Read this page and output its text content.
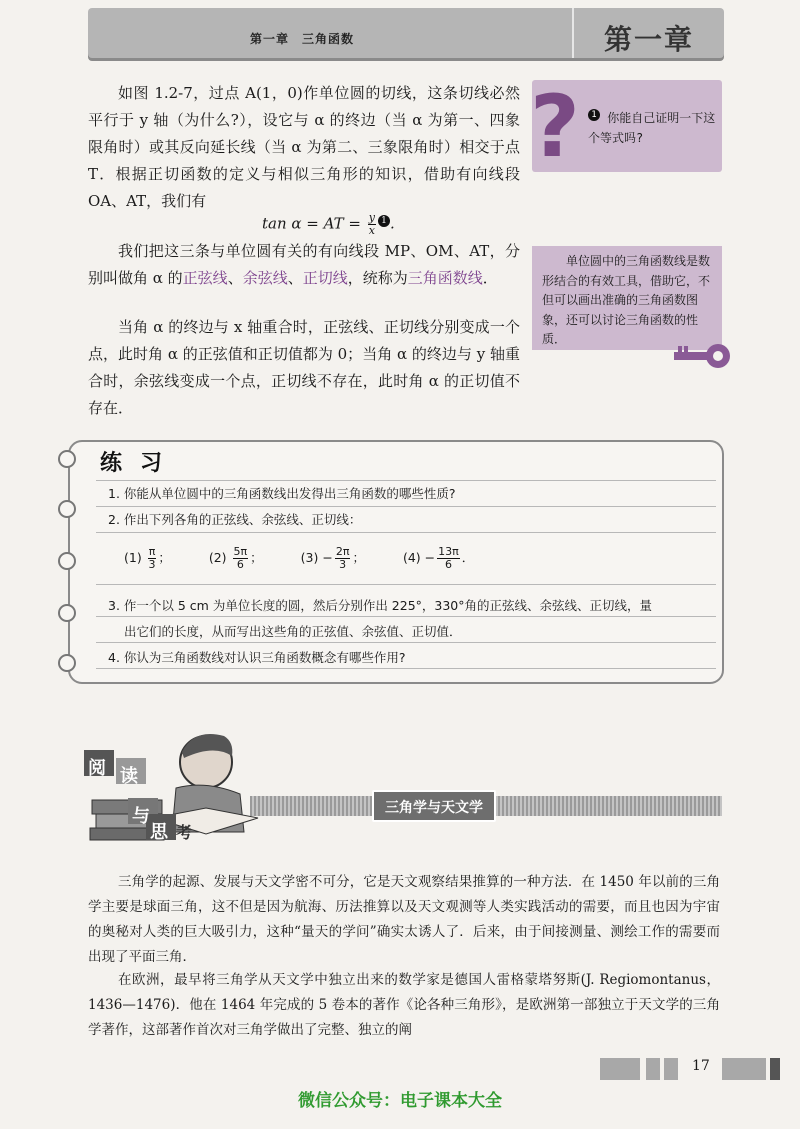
第一章　三角函数	第一章
如图 1.2-7，过点 A(1，0)作单位圆的切线，这条切线必然平行于 y 轴（为什么?），设它与 α 的终边（当 α 为第一、四象限角时）或其反向延长线（当 α 为第二、三象限角时）相交于点 T．根据正切函数的定义与相似三角形的知识，借助有向线段 OA、AT，我们有
tan α = AT = $\frac{y}{x} 1$ .
我们把这三条与单位圆有关的有向线段 MP、OM、AT，分别叫做角 α 的正弦线、余弦线、正切线，统称为三角函数线．
当角 α 的终边与 x 轴重合时，正弦线、正切线分别变成一个点，此时角 α 的正弦值和正切值都为 0；当角 α 的终边与 y 轴重合时，余弦线变成一个点，正切线不存在，此时角 α 的正切值不存在．
?	1 你能自己证明一下这个等式吗?
单位圆中的三角函数线是数形结合的有效工具，借助它，不但可以画出准确的三角函数图象，还可以讨论三角函数的性质．
练习
1. 你能从单位圆中的三角函数线出发得出三角函数的哪些性质?
2. 作出下列各角的正弦线、余弦线、正切线：
$(1) \frac{\pi}{3}$ ；	$(2) \frac{5\pi}{6}$ ；	$(3) - \frac{2\pi}{3}$ ；	$(4) - \frac{13\pi}{6}$ ．
3. 作一个以 5 cm 为单位长度的圆，然后分别作出 225°，330°角的正弦线、余弦线、正切线，量
出它们的长度，从而写出这些角的正弦值、余弦值、正切值．
4. 你认为三角函数线对认识三角函数概念有哪些作用?
阅 读
与
思 考
三角学与天文学
三角学的起源、发展与天文学密不可分，它是天文观察结果推算的一种方法．在 1450 年以前的三角学主要是球面三角，这不但是因为航海、历法推算以及天文观测等人类实践活动的需要，而且也因为宇宙的奥秘对人类的巨大吸引力，这种“量天的学问”确实太诱人了．后来，由于间接测量、测绘工作的需要而出现了平面三角．
在欧洲，最早将三角学从天文学中独立出来的数学家是德国人雷格蒙塔努斯(J. Regiomontanus，1436—1476)．他在 1464 年完成的 5 卷本的著作《论各种三角形》，是欧洲第一部独立于天文学的三角学著作，这部著作首次对三角学做出了完整、独立的阐
17
微信公众号：电子课本大全
